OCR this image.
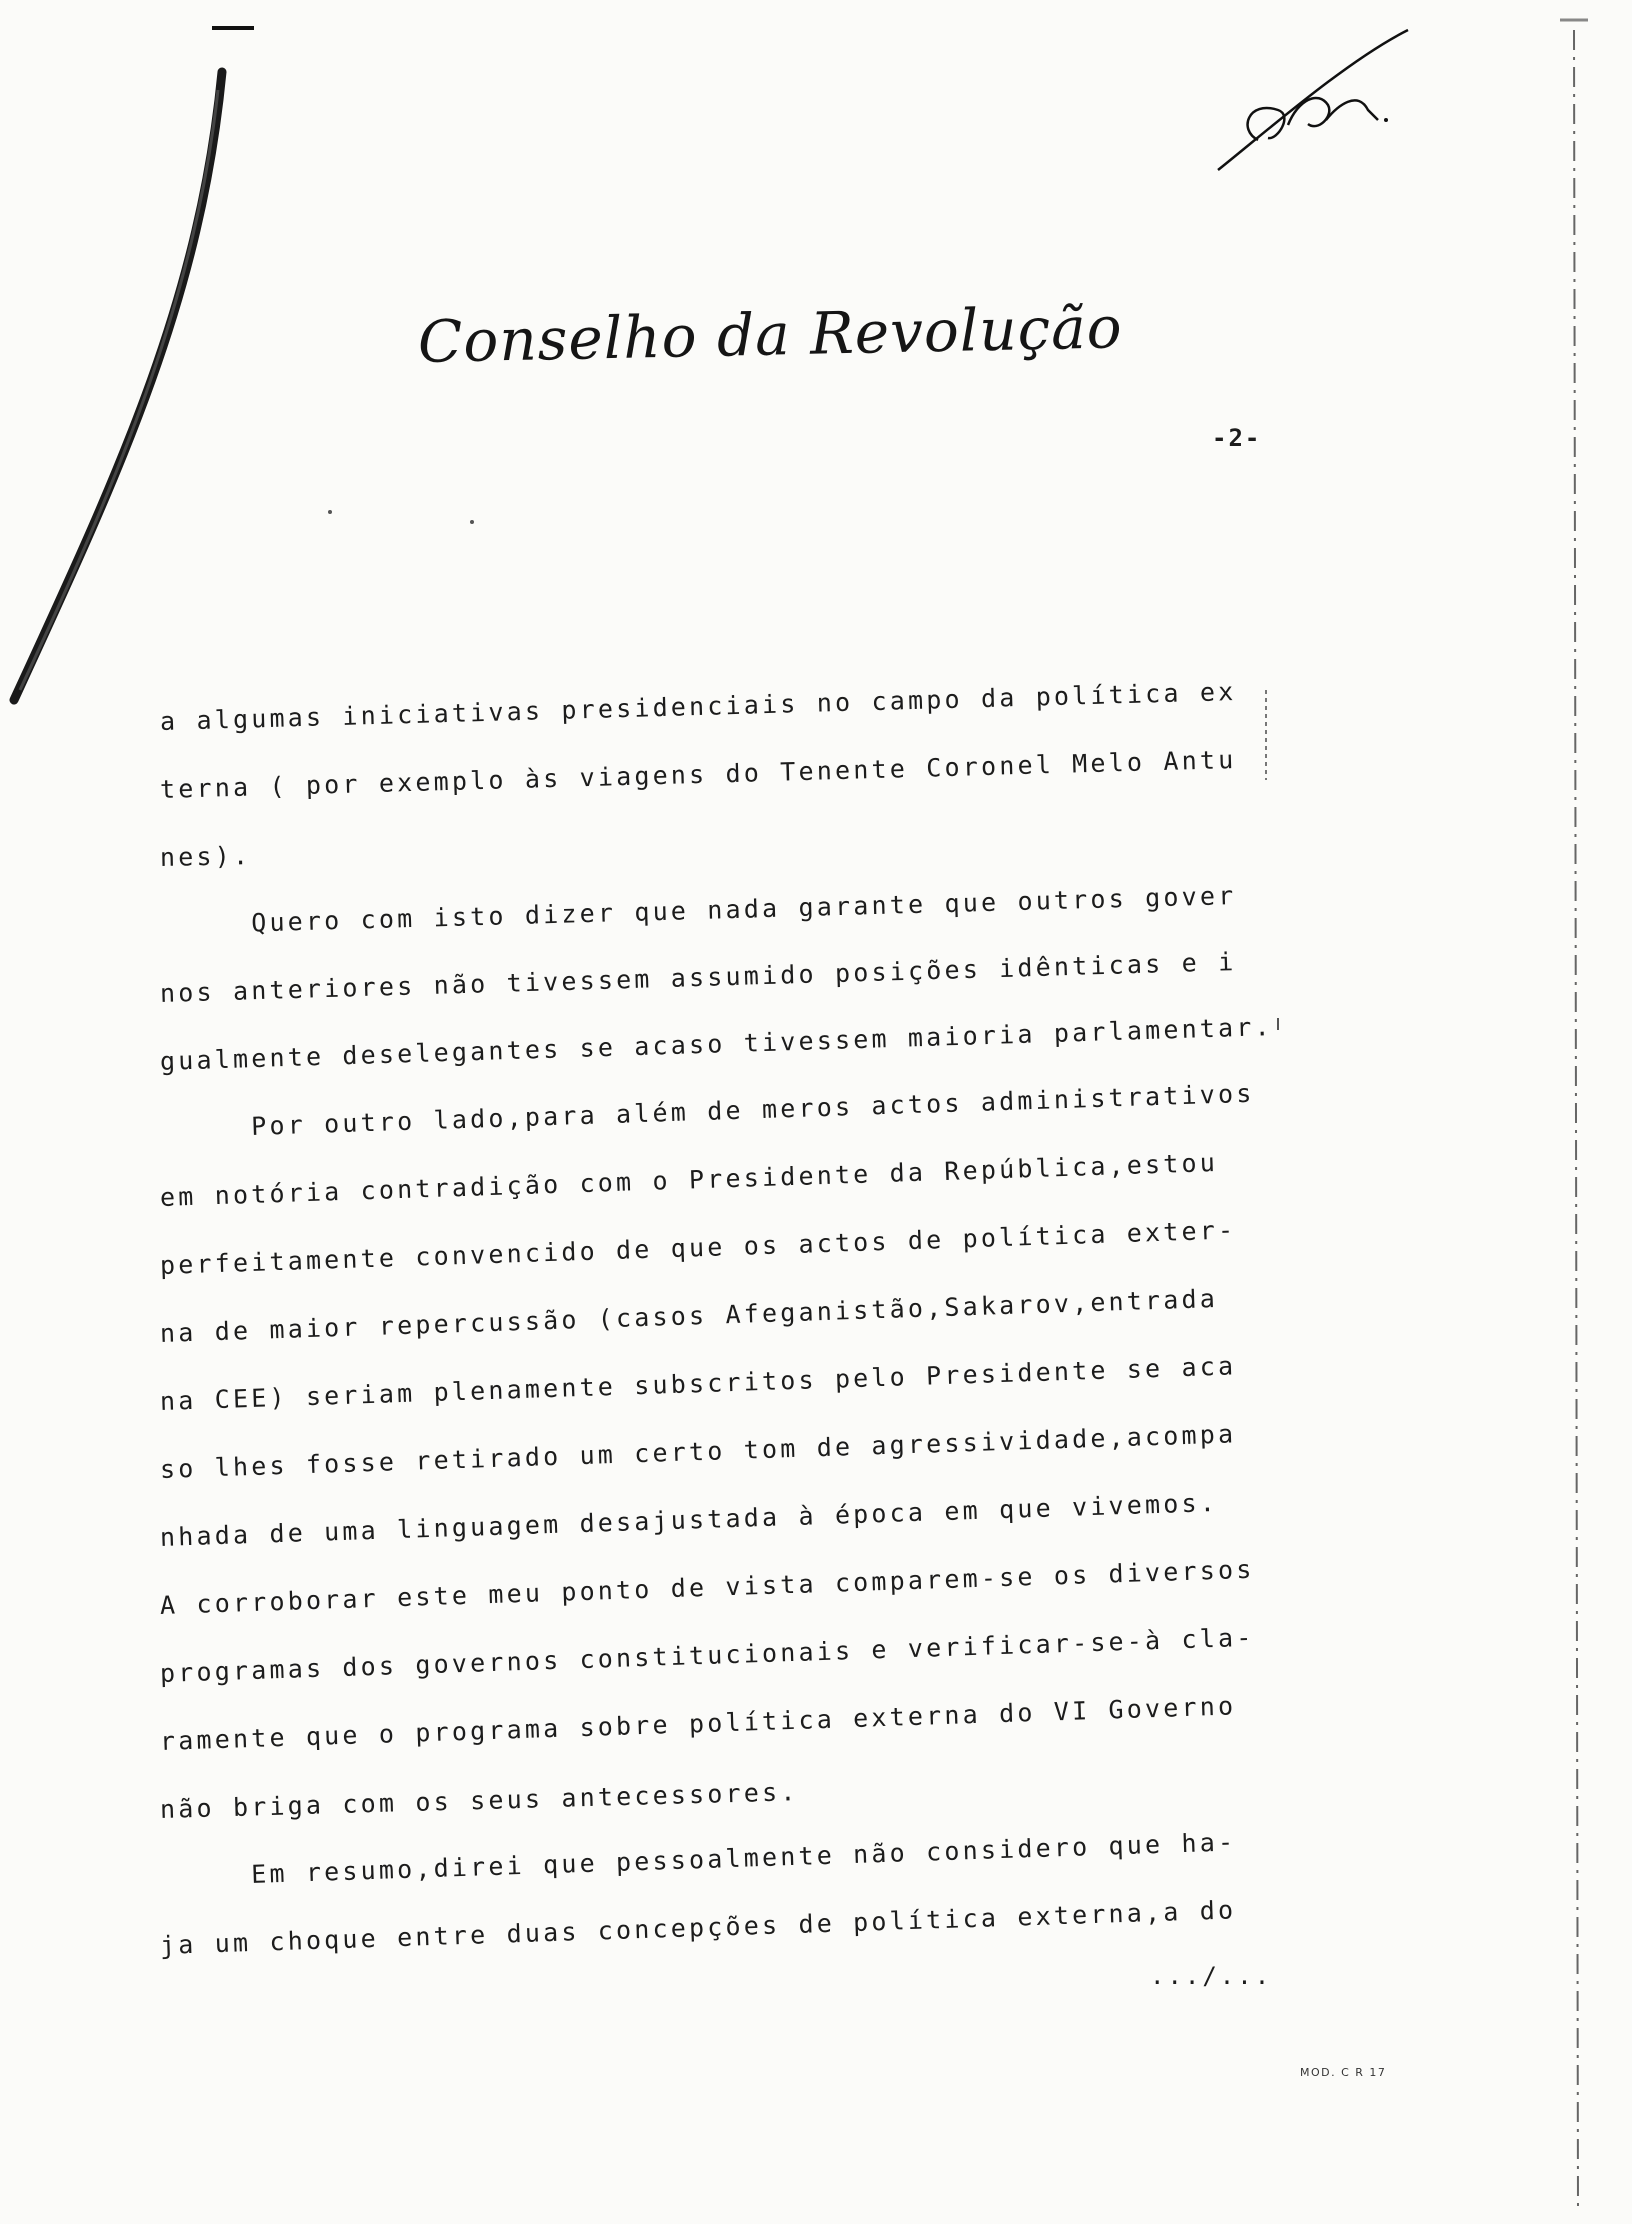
Conselho da Revolução
-2-
a algumas iniciativas presidenciais no campo da política ex
terna ( por exemplo às viagens do Tenente Coronel Melo Antu
nes).
Quero com isto dizer que nada garante que outros gover
nos anteriores não tivessem assumido posições idênticas e i
gualmente deselegantes se acaso tivessem maioria parlamentar.
Por outro lado,para além de meros actos administrativos
em notória contradição com o Presidente da República,estou
perfeitamente convencido de que os actos de política exter-
na de maior repercussão (casos Afeganistão,Sakarov,entrada
na CEE) seriam plenamente subscritos pelo Presidente se aca
so lhes fosse retirado um certo tom de agressividade,acompa
nhada de uma linguagem desajustada à época em que vivemos.
A corroborar este meu ponto de vista comparem-se os diversos
programas dos governos constitucionais e verificar-se-à cla-
ramente que o programa sobre política externa do VI Governo
não briga com os seus antecessores.
Em resumo,direi que pessoalmente não considero que ha-
ja um choque entre duas concepções de política externa,a do
.../...
MOD. C R 17
